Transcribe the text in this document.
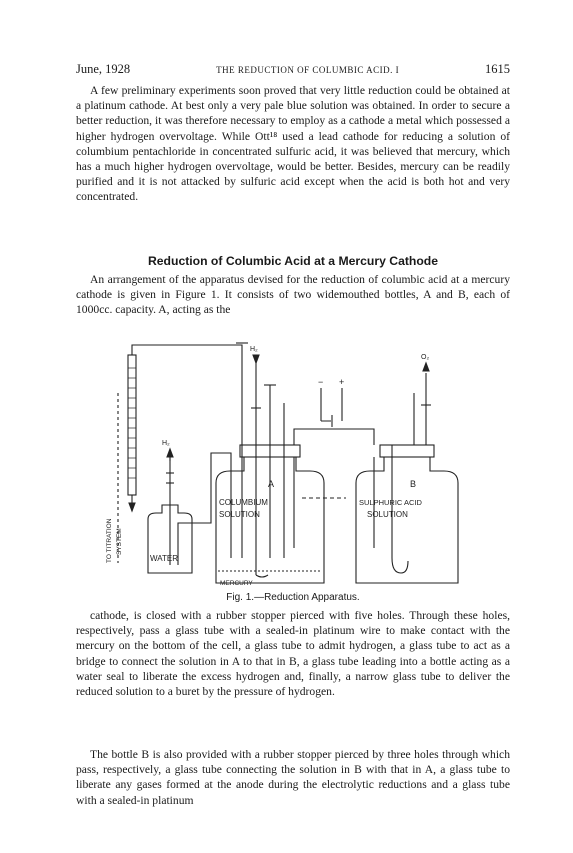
June, 1928	THE REDUCTION OF COLUMBIC ACID. I	1615

A few preliminary experiments soon proved that very little reduction could be obtained at a platinum cathode. At best only a very pale blue solution was obtained. In order to secure a better reduction, it was therefore necessary to employ as a cathode a metal which possessed a higher hydrogen overvoltage. While Ott¹⁸ used a lead cathode for reducing a solution of columbium pentachloride in concentrated sulfuric acid, it was believed that mercury, which has a much higher hydrogen overvoltage, would be better. Besides, mercury can be readily purified and it is not attacked by sulfuric acid except when the acid is both hot and very concentrated.

Reduction of Columbic Acid at a Mercury Cathode

An arrangement of the apparatus devised for the reduction of columbic acid at a mercury cathode is given in Figure 1. It consists of two widemouthed bottles, A and B, each of 1000cc. capacity. A, acting as the

H₂
H₂
O₂
− +
A	B
COLUMBIUM
SOLUTION
SULPHURIC ACID
SOLUTION
WATER
MERCURY
TO TITRATION SYSTEM
Fig. 1.—Reduction Apparatus.

cathode, is closed with a rubber stopper pierced with five holes. Through these holes, respectively, pass a glass tube with a sealed-in platinum wire to make contact with the mercury on the bottom of the cell, a glass tube to admit hydrogen, a glass tube to act as a bridge to connect the solution in A to that in B, a glass tube leading into a bottle acting as a water seal to liberate the excess hydrogen and, finally, a narrow glass tube to deliver the reduced solution to a buret by the pressure of hydrogen.

The bottle B is also provided with a rubber stopper pierced by three holes through which pass, respectively, a glass tube connecting the solution in B with that in A, a glass tube to liberate any gases formed at the anode during the electrolytic reductions and a glass tube with a sealed-in platinum
